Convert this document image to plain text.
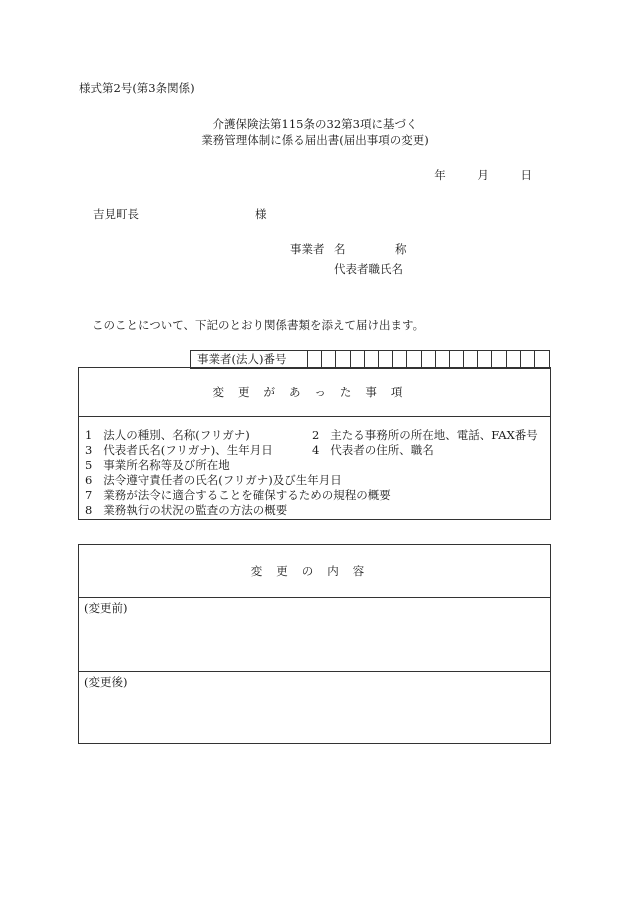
様式第2号(第3条関係)
介護保険法第115条の32第3項に基づく
業務管理体制に係る届出書(届出事項の変更)
年	月	日
吉見町長	様
事業者 名	称
代表者職氏名
このことについて、下記のとおり関係書類を添えて届け出ます。
事業者(法人)番号
変更があった事項
1 法人の種別、名称(フリガナ)	2 主たる事務所の所在地、電話、FAX番号
3 代表者氏名(フリガナ)、生年月日	4 代表者の住所、職名
5 事業所名称等及び所在地
6 法令遵守責任者の氏名(フリガナ)及び生年月日
7 業務が法令に適合することを確保するための規程の概要
8 業務執行の状況の監査の方法の概要
変更の内容
(変更前)
(変更後)
